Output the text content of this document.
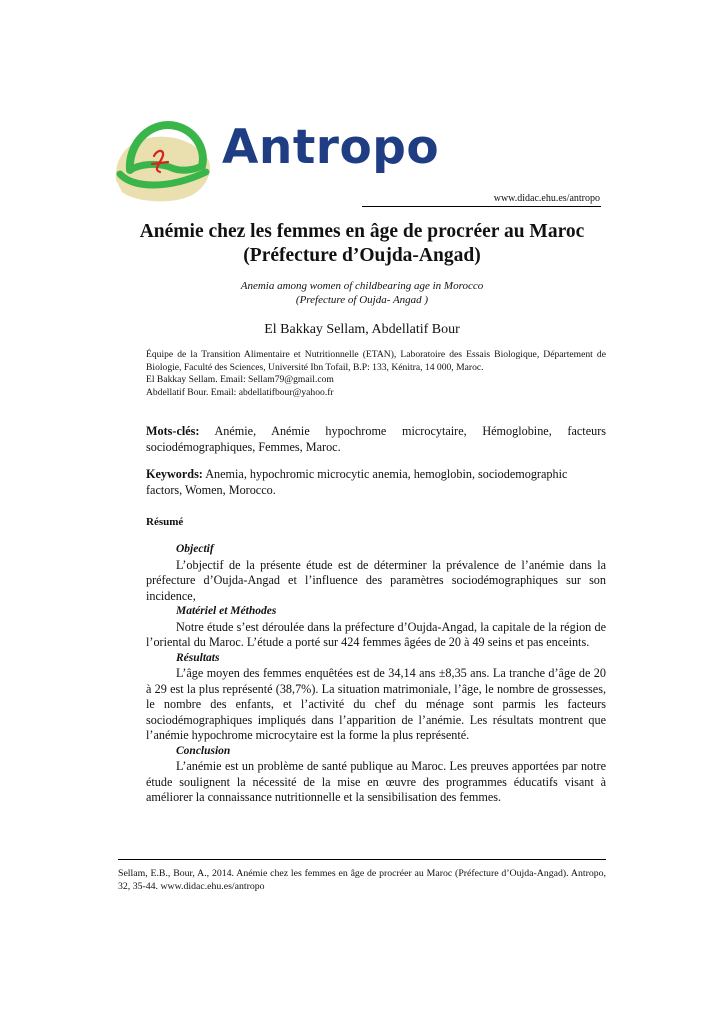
Antropo
www.didac.ehu.es/antropo
Anémie chez les femmes en âge de procréer au Maroc
(Préfecture d’Oujda-Angad)
Anemia among women of childbearing age in Morocco
(Prefecture of Oujda- Angad )
El Bakkay Sellam, Abdellatif Bour

Équipe de la Transition Alimentaire et Nutritionnelle (ETAN), Laboratoire des Essais Biologique, Département de Biologie, Faculté des Sciences, Université Ibn Tofail, B.P: 133, Kénitra, 14 000, Maroc.

El Bakkay Sellam. Email: Sellam79@gmail.com

Abdellatif Bour. Email: abdellatifbour@yahoo.fr

Mots-clés: Anémie, Anémie hypochrome microcytaire, Hémoglobine, facteurs sociodémographiques, Femmes, Maroc.

Keywords: Anemia, hypochromic microcytic anemia, hemoglobin, sociodemographic factors, Women, Morocco.

Résumé
Objectif

L’objectif de la présente étude est de déterminer la prévalence de l’anémie dans la préfecture d’Oujda-Angad et l’influence des paramètres sociodémographiques sur son incidence,

Matériel et Méthodes

Notre étude s’est déroulée dans la préfecture d’Oujda-Angad, la capitale de la région de l’oriental du Maroc. L’étude a porté sur 424 femmes âgées de 20 à 49 seins et pas enceints.

Résultats

L’âge moyen des femmes enquêtées est de 34,14 ans ±8,35 ans. La tranche d’âge de 20 à 29 est la plus représenté (38,7%). La situation matrimoniale, l’âge, le nombre de grossesses, le nombre des enfants, et l’activité du chef du ménage sont parmis les facteurs sociodémographiques impliqués dans l’apparition de l’anémie. Les résultats montrent que l’anémie hypochrome microcytaire est la forme la plus représenté.

Conclusion

L’anémie est un problème de santé publique au Maroc. Les preuves apportées par notre étude soulignent la nécessité de la mise en œuvre des programmes éducatifs visant à améliorer la connaissance nutritionnelle et la sensibilisation des femmes.

Sellam, E.B., Bour, A., 2014. Anémie chez les femmes en âge de procréer au Maroc (Préfecture d’Oujda-Angad). Antropo, 32, 35-44. www.didac.ehu.es/antropo
